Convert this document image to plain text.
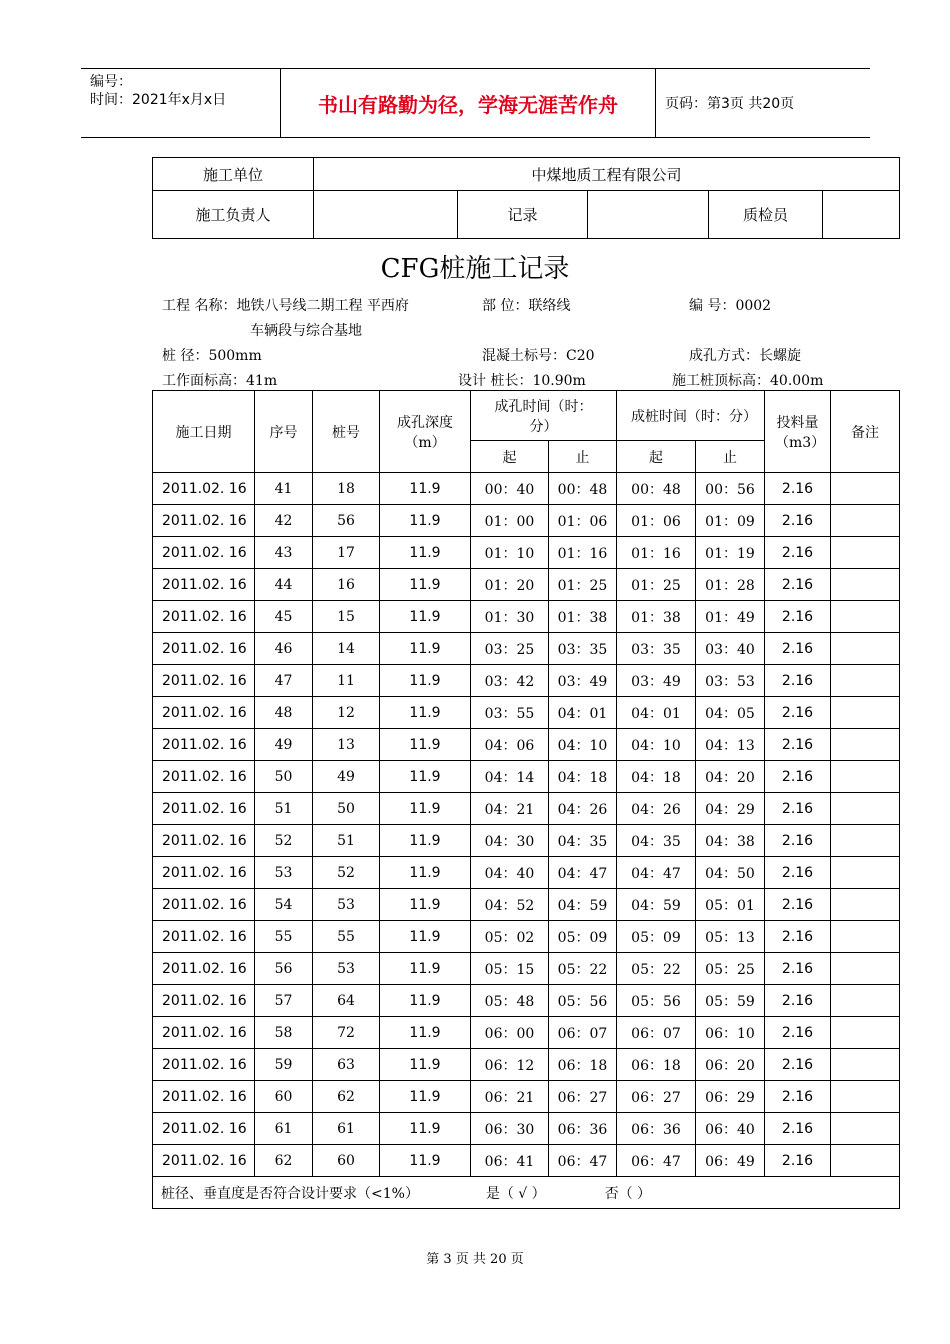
编号：
时间：2021年x月x日	书山有路勤为径，学海无涯苦作舟	页码：第3页 共20页
施工单位	中煤地质工程有限公司				
施工负责人		记录		质检员	
CFG桩施工记录
工程 名称：地铁八号线二期工程 平西府
车辆段与综合基地
部 位：联络线	编 号：0002
桩 径：500mm	混凝土标号：C20	成孔方式：长螺旋
工作面标高：41m	设计 桩长：10.90m	施工桩顶标高：40.00m
施工日期	序号	桩号	成孔深度（m）	成孔时间（时：分）		成桩时间（时：分）		投料量（m3）	备注
				起	止	起	止		
2011.02. 16	41	18	11.9	00：40	00：48	00：48	00：56	2.16	
2011.02. 16	42	56	11.9	01：00	01：06	01：06	01：09	2.16	
2011.02. 16	43	17	11.9	01：10	01：16	01：16	01：19	2.16	
2011.02. 16	44	16	11.9	01：20	01：25	01：25	01：28	2.16	
2011.02. 16	45	15	11.9	01：30	01：38	01：38	01：49	2.16	
2011.02. 16	46	14	11.9	03：25	03：35	03：35	03：40	2.16	
2011.02. 16	47	11	11.9	03：42	03：49	03：49	03：53	2.16	
2011.02. 16	48	12	11.9	03：55	04：01	04：01	04：05	2.16	
2011.02. 16	49	13	11.9	04：06	04：10	04：10	04：13	2.16	
2011.02. 16	50	49	11.9	04：14	04：18	04：18	04：20	2.16	
2011.02. 16	51	50	11.9	04：21	04：26	04：26	04：29	2.16	
2011.02. 16	52	51	11.9	04：30	04：35	04：35	04：38	2.16	
2011.02. 16	53	52	11.9	04：40	04：47	04：47	04：50	2.16	
2011.02. 16	54	53	11.9	04：52	04：59	04：59	05：01	2.16	
2011.02. 16	55	55	11.9	05：02	05：09	05：09	05：13	2.16	
2011.02. 16	56	53	11.9	05：15	05：22	05：22	05：25	2.16	
2011.02. 16	57	64	11.9	05：48	05：56	05：56	05：59	2.16	
2011.02. 16	58	72	11.9	06：00	06：07	06：07	06：10	2.16	
2011.02. 16	59	63	11.9	06：12	06：18	06：18	06：20	2.16	
2011.02. 16	60	62	11.9	06：21	06：27	06：27	06：29	2.16	
2011.02. 16	61	61	11.9	06：30	06：36	06：36	06：40	2.16	
2011.02. 16	62	60	11.9	06：41	06：47	06：47	06：49	2.16	
桩径、垂直度是否符合设计要求（<1%） 是（ √ ） 否（ ）									
第 3 页 共 20 页
